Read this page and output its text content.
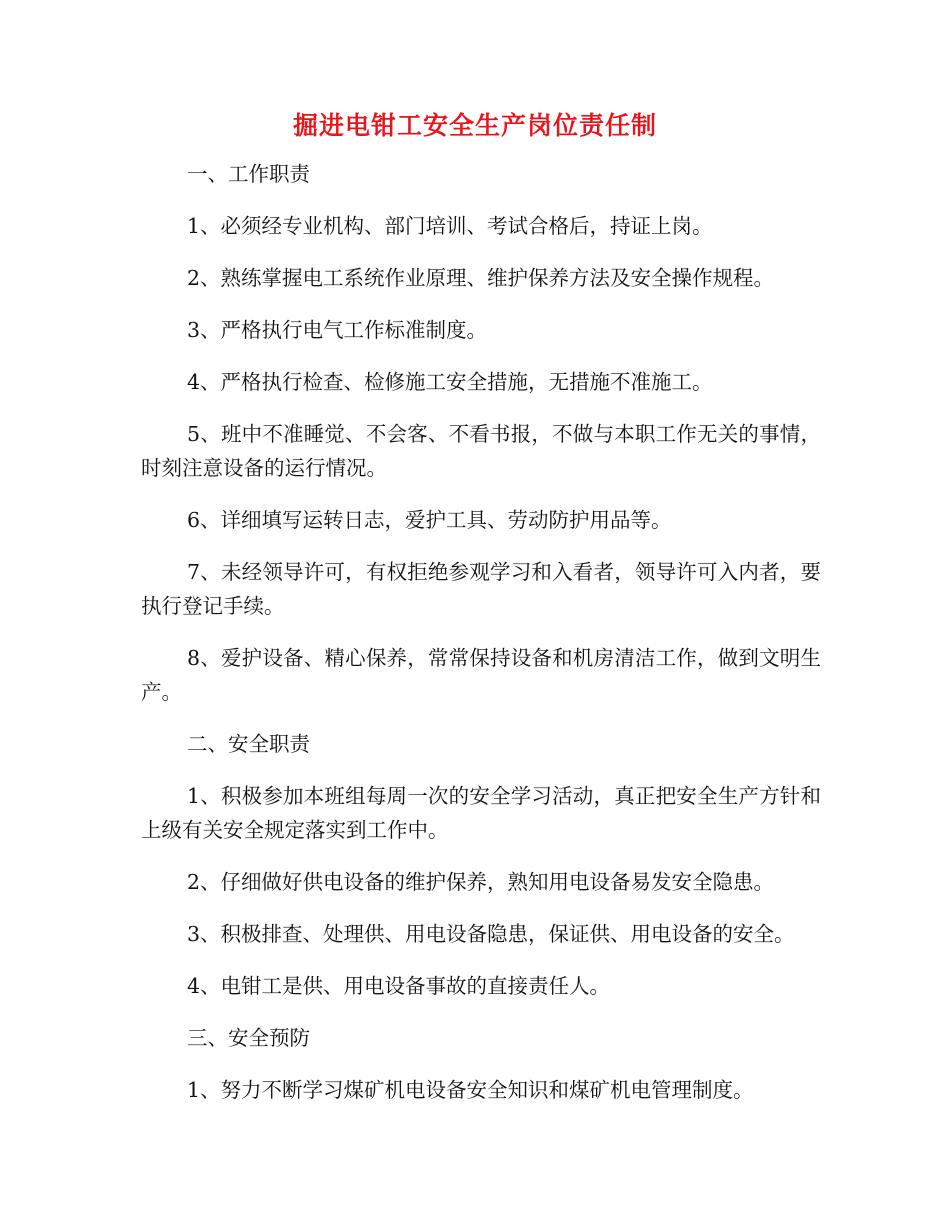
掘进电钳工安全生产岗位责任制

一、工作职责

1、必须经专业机构、部门培训、考试合格后，持证上岗。

2、熟练掌握电工系统作业原理、维护保养方法及安全操作规程。

3、严格执行电气工作标准制度。

4、严格执行检查、检修施工安全措施，无措施不准施工。

5、班中不准睡觉、不会客、不看书报，不做与本职工作无关的事情，时刻注意设备的运行情况。

6、详细填写运转日志，爱护工具、劳动防护用品等。

7、未经领导许可，有权拒绝参观学习和入看者，领导许可入内者，要执行登记手续。

8、爱护设备、精心保养，常常保持设备和机房清洁工作，做到文明生产。

二、安全职责

1、积极参加本班组每周一次的安全学习活动，真正把安全生产方针和上级有关安全规定落实到工作中。

2、仔细做好供电设备的维护保养，熟知用电设备易发安全隐患。

3、积极排查、处理供、用电设备隐患，保证供、用电设备的安全。

4、电钳工是供、用电设备事故的直接责任人。

三、安全预防

1、努力不断学习煤矿机电设备安全知识和煤矿机电管理制度。
